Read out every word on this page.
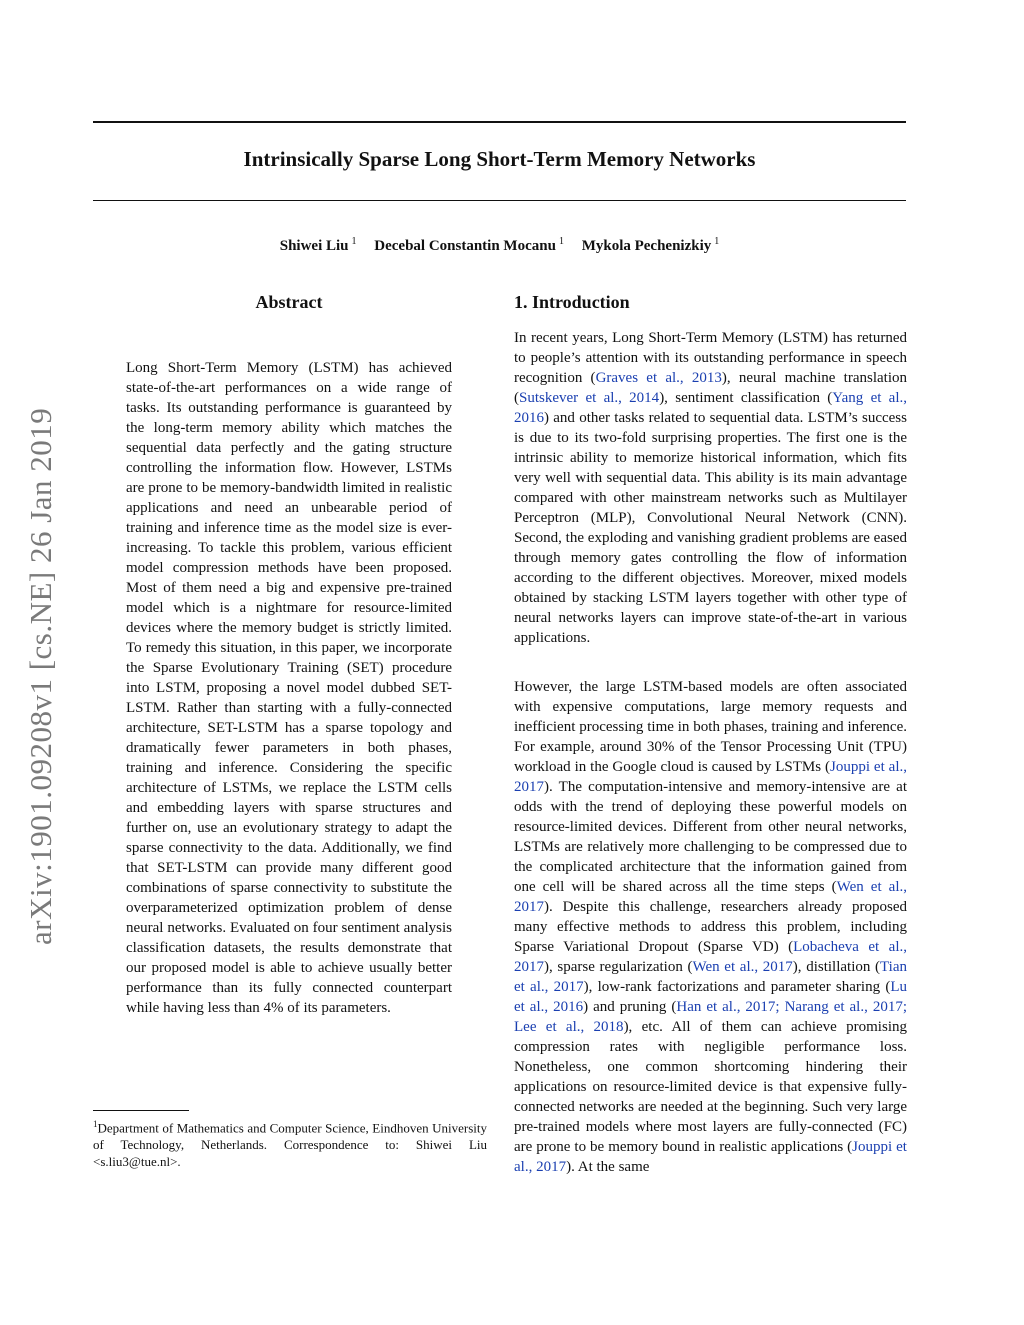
Intrinsically Sparse Long Short-Term Memory Networks
Shiwei Liu $^1$ Decebal Constantin Mocanu $^1$ Mykola Pechenizkiy $^1$
arXiv:1901.09208v1 [cs.NE] 26 Jan 2019
Abstract

Long Short-Term Memory (LSTM) has achieved state-of-the-art performances on a wide range of tasks. Its outstanding performance is guaranteed by the long-term memory ability which matches the sequential data perfectly and the gating structure controlling the information flow. However, LSTMs are prone to be memory-bandwidth limited in realistic applications and need an unbearable period of training and inference time as the model size is ever-increasing. To tackle this problem, various efficient model compression methods have been proposed. Most of them need a big and expensive pre-trained model which is a nightmare for resource-limited devices where the memory budget is strictly limited. To remedy this situation, in this paper, we incorporate the Sparse Evolutionary Training (SET) procedure into LSTM, proposing a novel model dubbed SET-LSTM. Rather than starting with a fully-connected architecture, SET-LSTM has a sparse topology and dramatically fewer parameters in both phases, training and inference. Considering the specific architecture of LSTMs, we replace the LSTM cells and embedding layers with sparse structures and further on, use an evolutionary strategy to adapt the sparse connectivity to the data. Additionally, we find that SET-LSTM can provide many different good combinations of sparse connectivity to substitute the overparameterized optimization problem of dense neural networks. Evaluated on four sentiment analysis classification datasets, the results demonstrate that our proposed model is able to achieve usually better performance than its fully connected counterpart while having less than 4% of its parameters.

$^1$Department of Mathematics and Computer Science, Eindhoven University of Technology, Netherlands. Correspondence to: Shiwei Liu <s.liu3@tue.nl>.

1. Introduction

In recent years, Long Short-Term Memory (LSTM) has returned to people’s attention with its outstanding performance in speech recognition (Graves et al., 2013), neural machine translation (Sutskever et al., 2014), sentiment classification (Yang et al., 2016) and other tasks related to sequential data. LSTM’s success is due to its two-fold surprising properties. The first one is the intrinsic ability to memorize historical information, which fits very well with sequential data. This ability is its main advantage compared with other mainstream networks such as Multilayer Perceptron (MLP), Convolutional Neural Network (CNN). Second, the exploding and vanishing gradient problems are eased through memory gates controlling the flow of information according to the different objectives. Moreover, mixed models obtained by stacking LSTM layers together with other type of neural networks layers can improve state-of-the-art in various applications.

However, the large LSTM-based models are often associated with expensive computations, large memory requests and inefficient processing time in both phases, training and inference. For example, around 30% of the Tensor Processing Unit (TPU) workload in the Google cloud is caused by LSTMs (Jouppi et al., 2017). The computation-intensive and memory-intensive are at odds with the trend of deploying these powerful models on resource-limited devices. Different from other neural networks, LSTMs are relatively more challenging to be compressed due to the complicated architecture that the information gained from one cell will be shared across all the time steps (Wen et al., 2017). Despite this challenge, researchers already proposed many effective methods to address this problem, including Sparse Variational Dropout (Sparse VD) (Lobacheva et al., 2017), sparse regularization (Wen et al., 2017), distillation (Tian et al., 2017), low-rank factorizations and parameter sharing (Lu et al., 2016) and pruning (Han et al., 2017; Narang et al., 2017; Lee et al., 2018), etc. All of them can achieve promising compression rates with negligible performance loss. Nonetheless, one common shortcoming hindering their applications on resource-limited device is that expensive fully-connected networks are needed at the beginning. Such very large pre-trained models where most layers are fully-connected (FC) are prone to be memory bound in realistic applications (Jouppi et al., 2017). At the same
